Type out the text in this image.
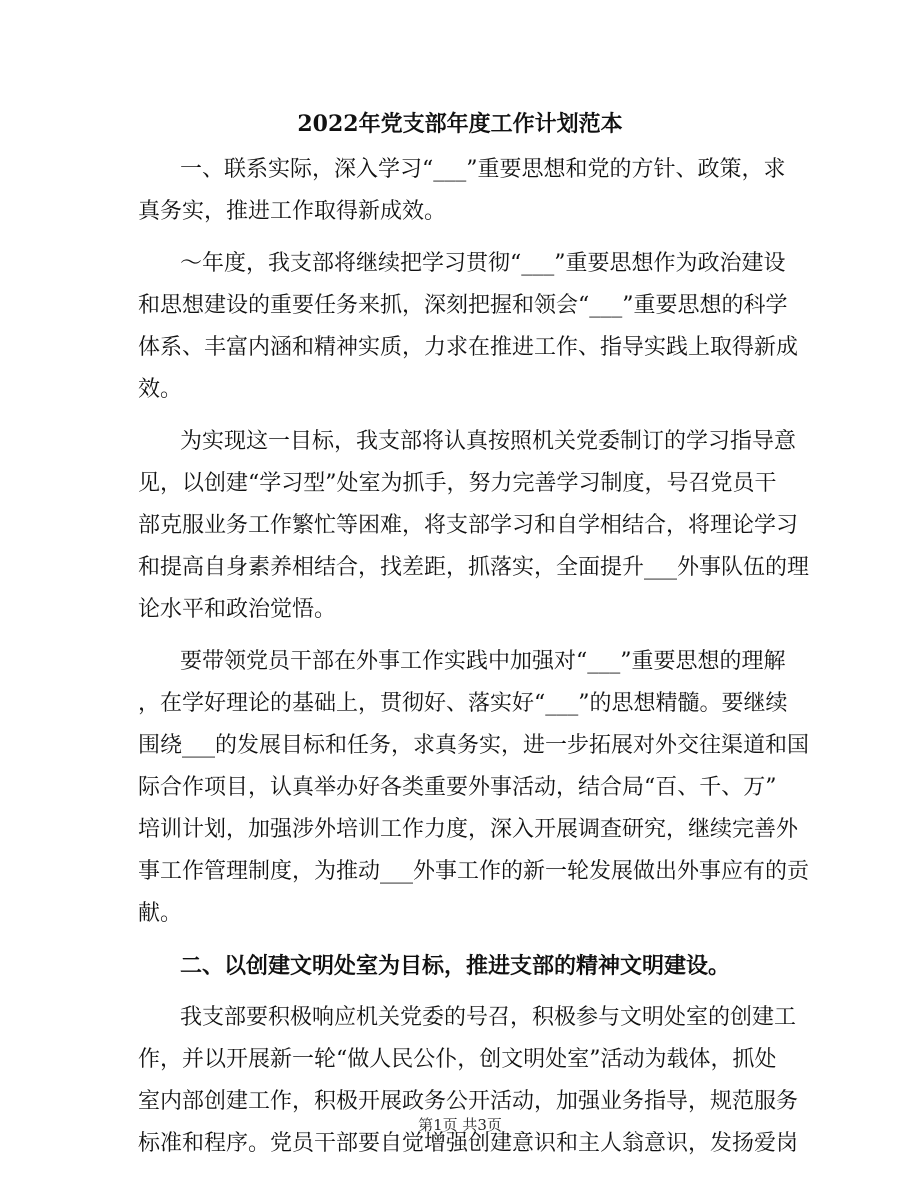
2022年党支部年度工作计划范本

一、联系实际，深入学习“___”重要思想和党的方针、政策，求

真务实，推进工作取得新成效。

～年度，我支部将继续把学习贯彻“___”重要思想作为政治建设

和思想建设的重要任务来抓，深刻把握和领会“___”重要思想的科学

体系、丰富内涵和精神实质，力求在推进工作、指导实践上取得新成

效。

为实现这一目标，我支部将认真按照机关党委制订的学习指导意

见，以创建“学习型”处室为抓手，努力完善学习制度，号召党员干

部克服业务工作繁忙等困难，将支部学习和自学相结合，将理论学习

和提高自身素养相结合，找差距，抓落实，全面提升___外事队伍的理

论水平和政治觉悟。

要带领党员干部在外事工作实践中加强对“___”重要思想的理解

，在学好理论的基础上，贯彻好、落实好“___”的思想精髓。要继续

围绕___的发展目标和任务，求真务实，进一步拓展对外交往渠道和国

际合作项目，认真举办好各类重要外事活动，结合局“百、千、万”

培训计划，加强涉外培训工作力度，深入开展调查研究，继续完善外

事工作管理制度，为推动___外事工作的新一轮发展做出外事应有的贡

献。

二、以创建文明处室为目标，推进支部的精神文明建设。

我支部要积极响应机关党委的号召，积极参与文明处室的创建工

作，并以开展新一轮“做人民公仆，创文明处室”活动为载体，抓处

室内部创建工作，积极开展政务公开活动，加强业务指导，规范服务

标准和程序。党员干部要自觉增强创建意识和主人翁意识，发扬爱岗

第1页 共3页
